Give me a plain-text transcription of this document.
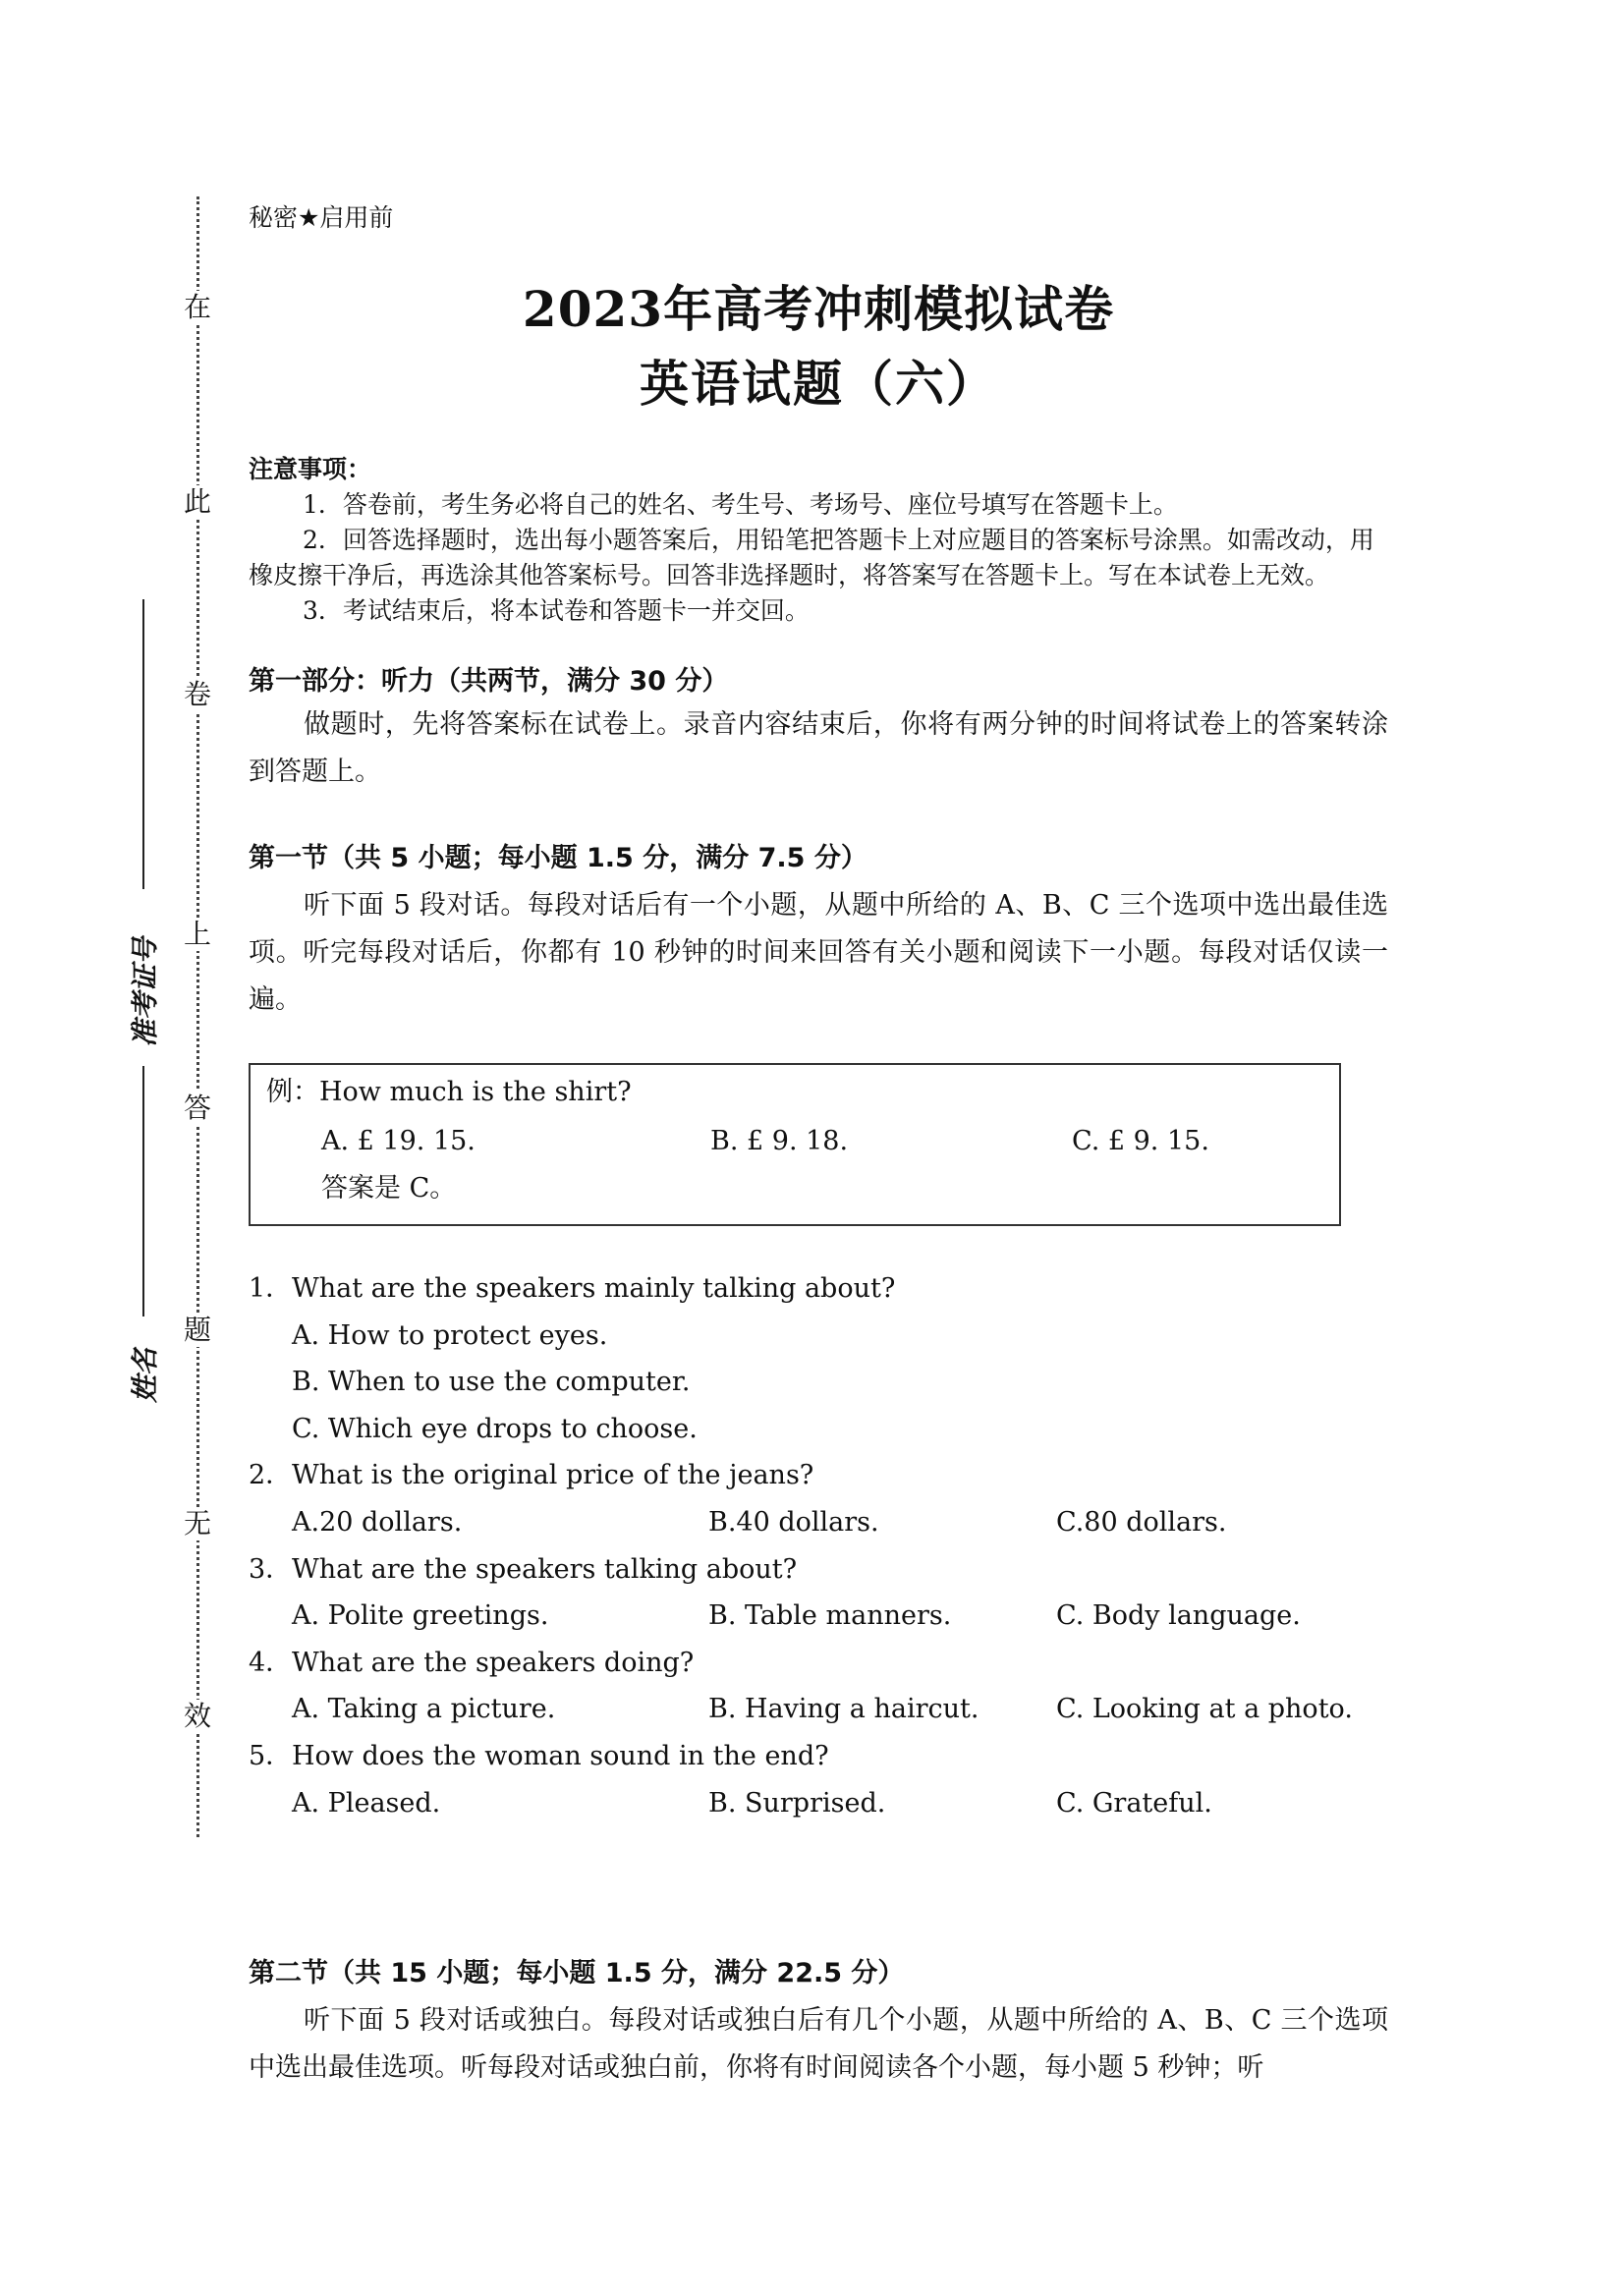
在
此
卷
上
答
题
无
效
准考证号
姓名
秘密★启用前
2023年高考冲刺模拟试卷
英语试题（六）
注意事项：

1．答卷前，考生务必将自己的姓名、考生号、考场号、座位号填写在答题卡上。

2．回答选择题时，选出每小题答案后，用铅笔把答题卡上对应题目的答案标号涂黑。如需改动，用橡皮擦干净后，再选涂其他答案标号。回答非选择题时，将答案写在答题卡上。写在本试卷上无效。

3．考试结束后，将本试卷和答题卡一并交回。

第一部分：听力（共两节，满分 30 分）

做题时，先将答案标在试卷上。录音内容结束后，你将有两分钟的时间将试卷上的答案转涂到答题上。

第一节（共 5 小题；每小题 1.5 分，满分 7.5 分）

听下面 5 段对话。每段对话后有一个小题，从题中所给的 A、B、C 三个选项中选出最佳选项。听完每段对话后，你都有 10 秒钟的时间来回答有关小题和阅读下一小题。每段对话仅读一遍。

例：How much is the shirt?
A. £ 19. 15.	B. £ 9. 18.	C. £ 9. 15.
答案是 C。
1． What are the speakers mainly talking about?
A. How to protect eyes.
B. When to use the computer.
C. Which eye drops to choose.
2． What is the original price of the jeans?
A.20 dollars.	B.40 dollars.	C.80 dollars.
3． What are the speakers talking about?
A. Polite greetings.	B. Table manners.	C. Body language.
4． What are the speakers doing?
A. Taking a picture.	B. Having a haircut.	C. Looking at a photo.
5． How does the woman sound in the end?
A. Pleased.	B. Surprised.	C. Grateful.
第二节（共 15 小题；每小题 1.5 分，满分 22.5 分）

听下面 5 段对话或独白。每段对话或独白后有几个小题，从题中所给的 A、B、C 三个选项中选出最佳选项。听每段对话或独白前，你将有时间阅读各个小题，每小题 5 秒钟；听
